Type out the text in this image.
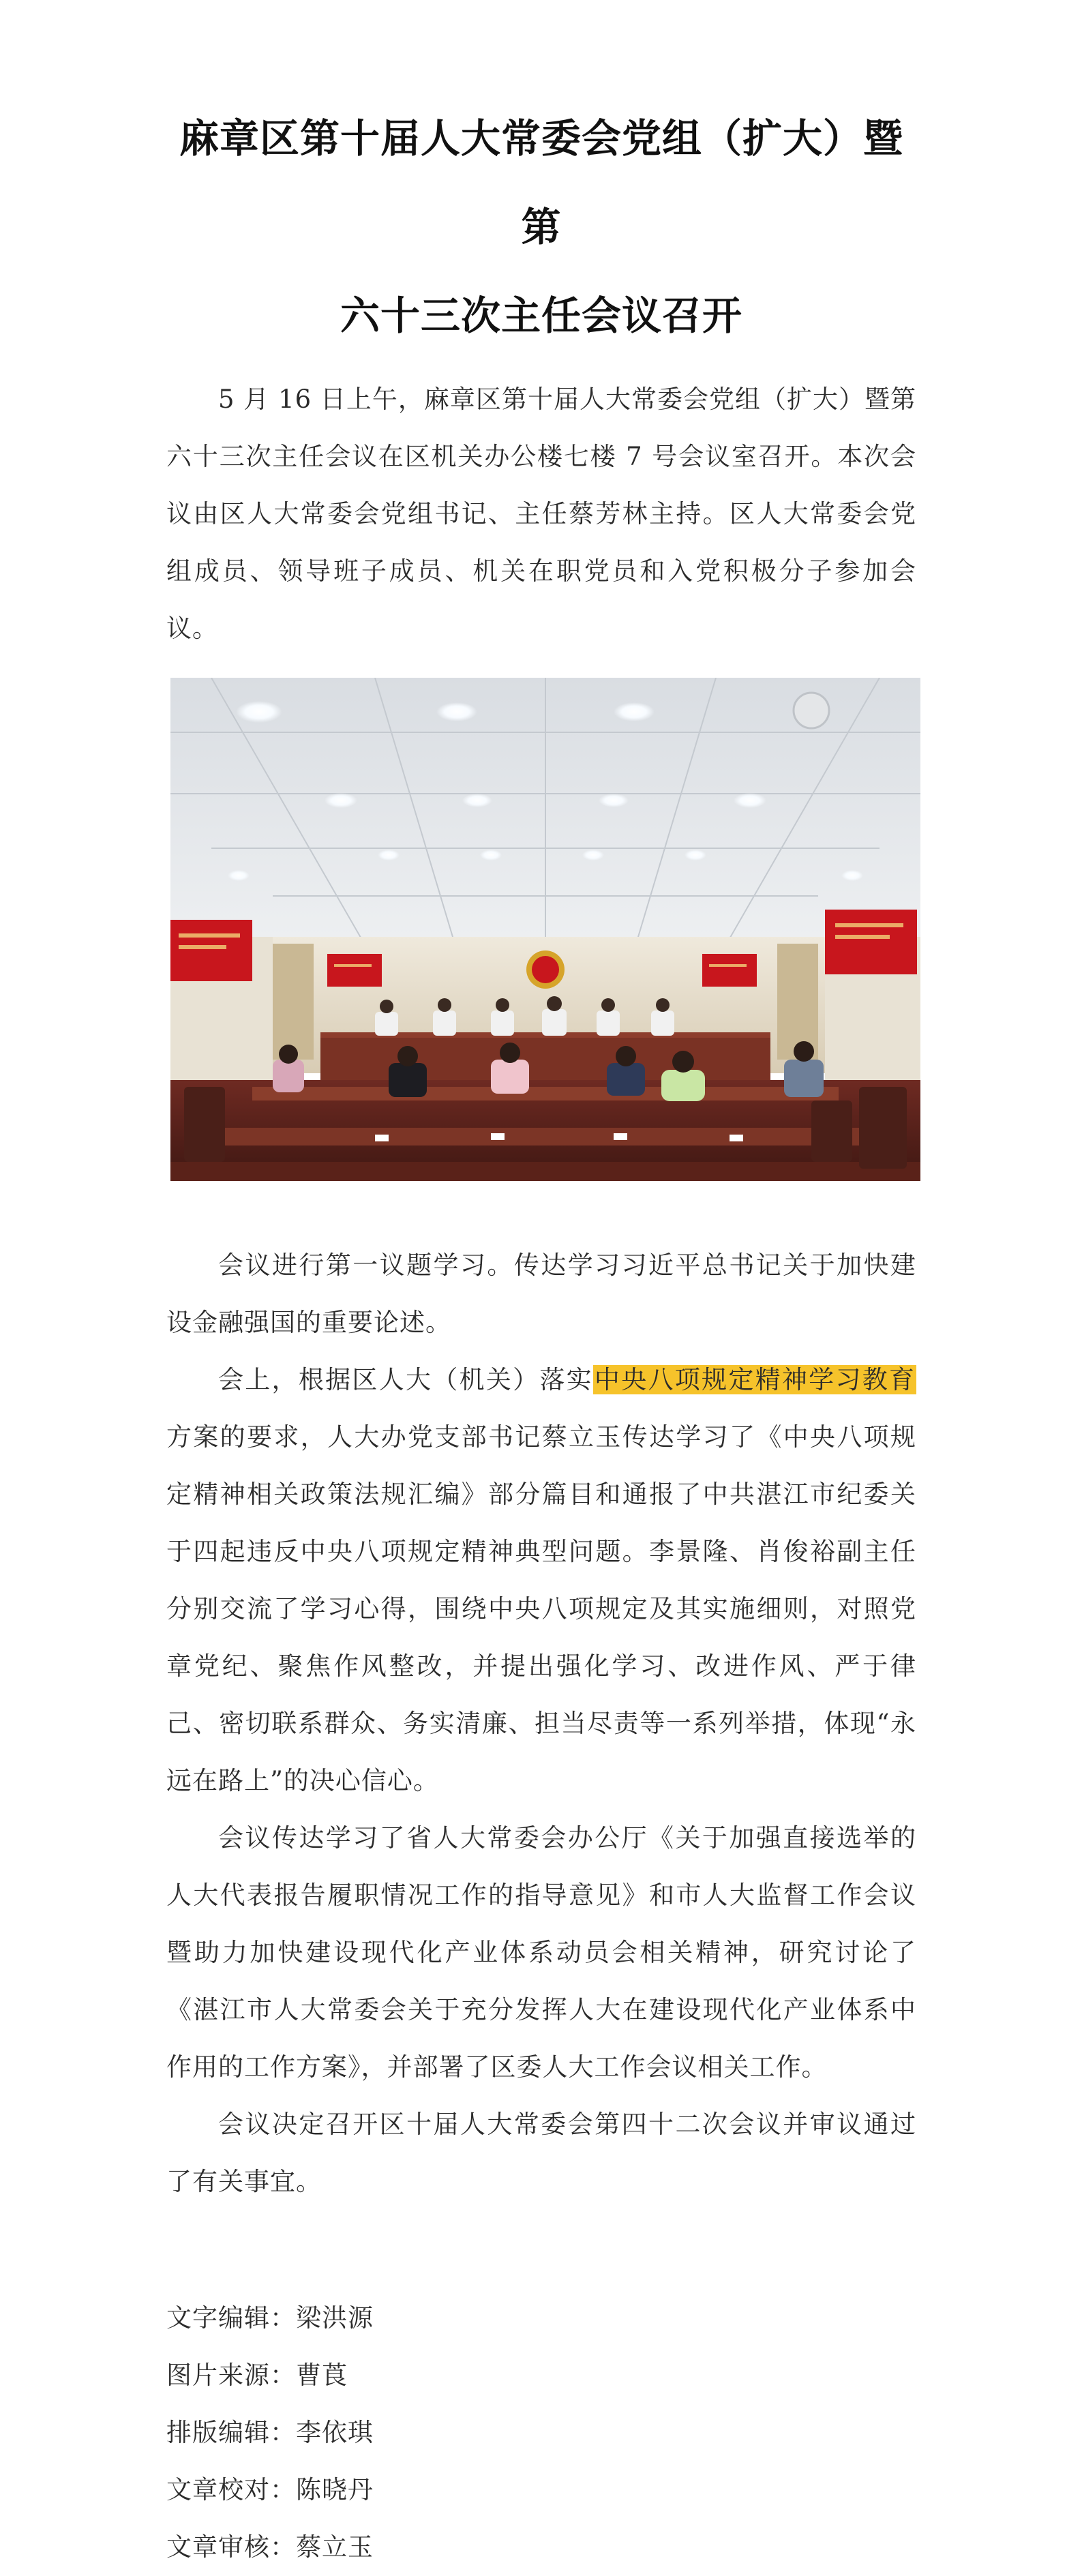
麻章区第十届人大常委会党组（扩大）暨第
六十三次主任会议召开

5 月 16 日上午，麻章区第十届人大常委会党组（扩大）暨第六十三次主任会议在区机关办公楼七楼 7 号会议室召开。本次会议由区人大常委会党组书记、主任蔡芳林主持。区人大常委会党组成员、领导班子成员、机关在职党员和入党积极分子参加会议。

会议进行第一议题学习。传达学习习近平总书记关于加快建设金融强国的重要论述。

会上，根据区人大（机关）落实中央八项规定精神学习教育方案的要求，人大办党支部书记蔡立玉传达学习了《中央八项规定精神相关政策法规汇编》部分篇目和通报了中共湛江市纪委关于四起违反中央八项规定精神典型问题。李景隆、肖俊裕副主任分别交流了学习心得，围绕中央八项规定及其实施细则，对照党章党纪、聚焦作风整改，并提出强化学习、改进作风、严于律己、密切联系群众、务实清廉、担当尽责等一系列举措，体现“永远在路上”的决心信心。

会议传达学习了省人大常委会办公厅《关于加强直接选举的人大代表报告履职情况工作的指导意见》和市人大监督工作会议暨助力加快建设现代化产业体系动员会相关精神，研究讨论了《湛江市人大常委会关于充分发挥人大在建设现代化产业体系中作用的工作方案》，并部署了区委人大工作会议相关工作。

会议决定召开区十届人大常委会第四十二次会议并审议通过了有关事宜。

文字编辑：梁洪源
图片来源：曹莨
排版编辑：李依琪
文章校对：陈晓丹
文章审核：蔡立玉
